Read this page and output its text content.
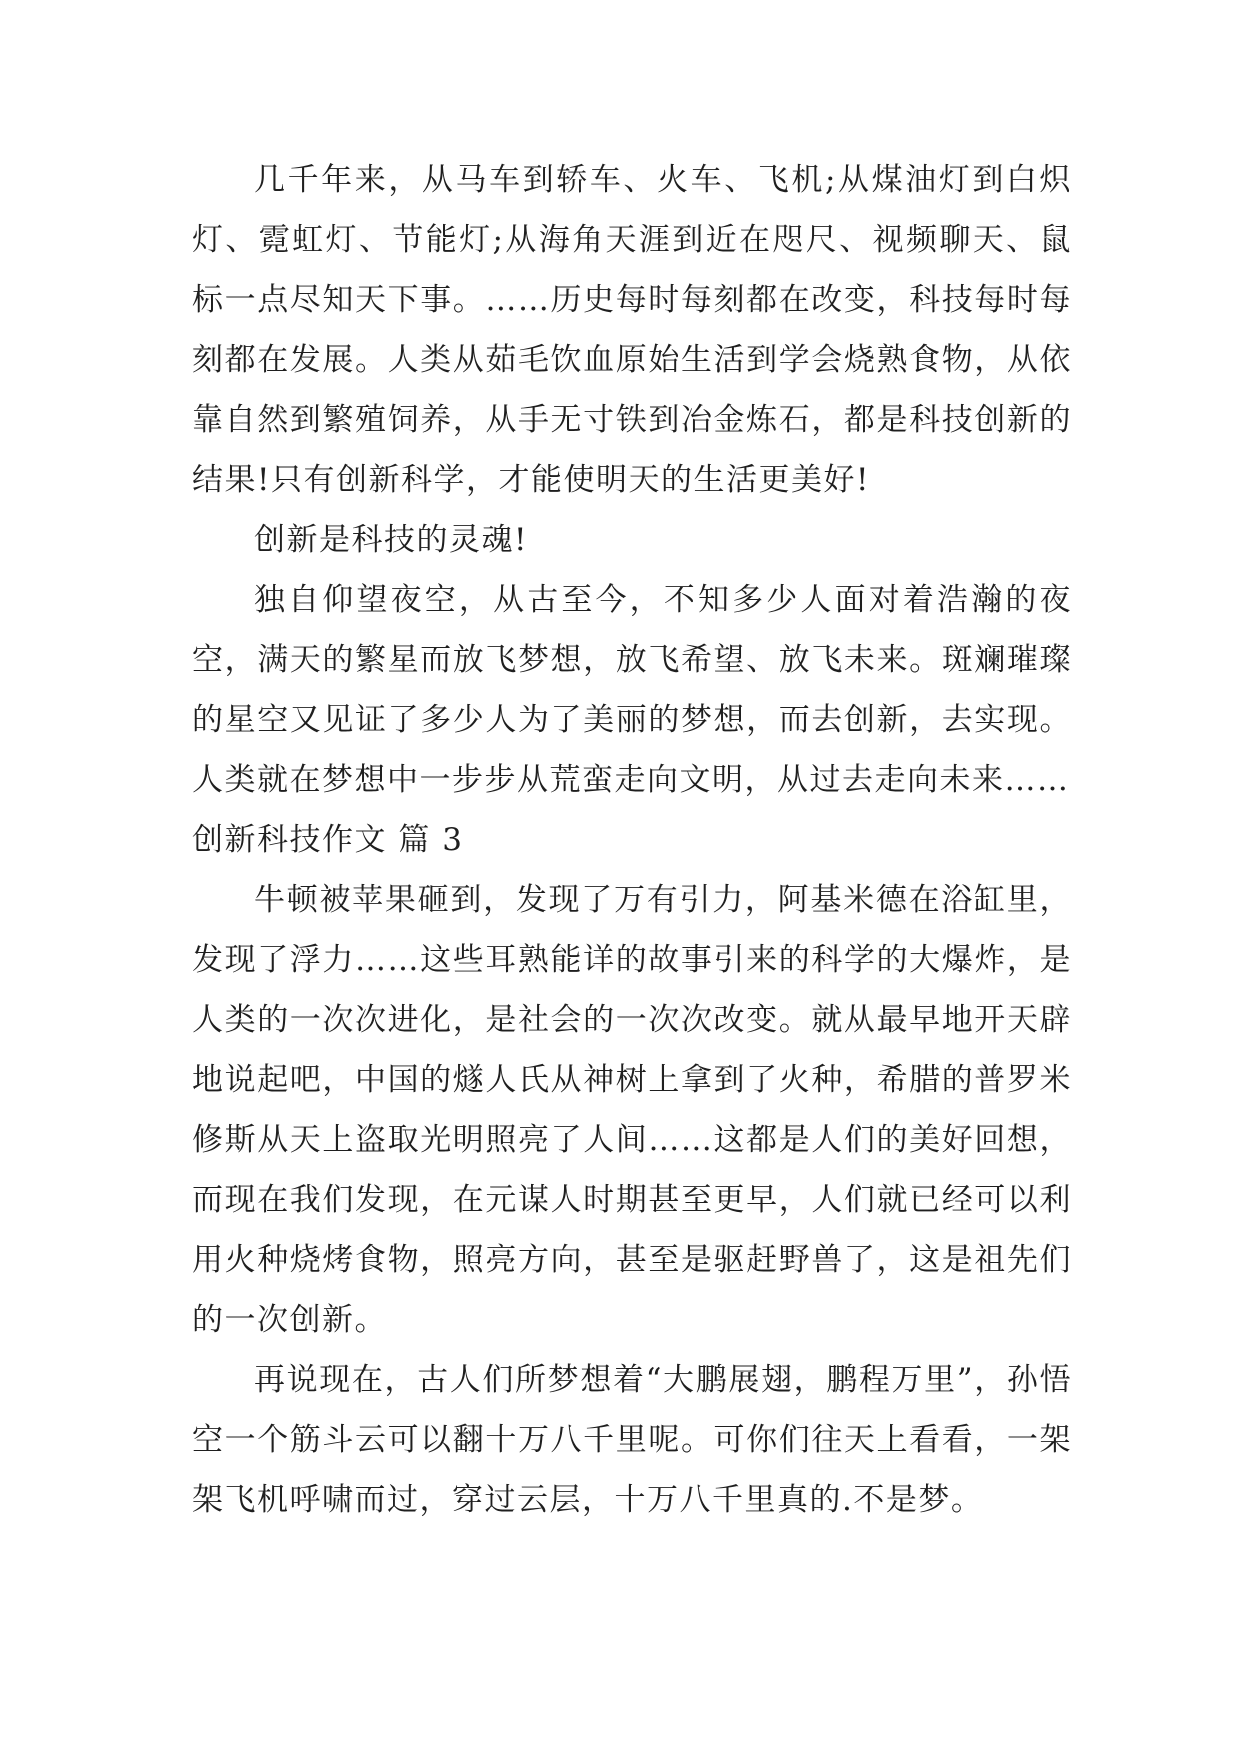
几千年来，从马车到轿车、火车、飞机;从煤油灯到白炽灯、霓虹灯、节能灯;从海角天涯到近在咫尺、视频聊天、鼠标一点尽知天下事。……历史每时每刻都在改变，科技每时每刻都在发展。人类从茹毛饮血原始生活到学会烧熟食物，从依靠自然到繁殖饲养，从手无寸铁到冶金炼石，都是科技创新的结果!只有创新科学，才能使明天的生活更美好!

创新是科技的灵魂!

独自仰望夜空，从古至今，不知多少人面对着浩瀚的夜空，满天的繁星而放飞梦想，放飞希望、放飞未来。斑斓璀璨的星空又见证了多少人为了美丽的梦想，而去创新，去实现。人类就在梦想中一步步从荒蛮走向文明，从过去走向未来……

创新科技作文 篇 3

牛顿被苹果砸到，发现了万有引力，阿基米德在浴缸里，发现了浮力……这些耳熟能详的故事引来的科学的大爆炸，是人类的一次次进化，是社会的一次次改变。就从最早地开天辟地说起吧，中国的燧人氏从神树上拿到了火种，希腊的普罗米修斯从天上盗取光明照亮了人间……这都是人们的美好回想，而现在我们发现，在元谋人时期甚至更早，人们就已经可以利用火种烧烤食物，照亮方向，甚至是驱赶野兽了，这是祖先们的一次创新。

再说现在，古人们所梦想着“大鹏展翅，鹏程万里”，孙悟空一个筋斗云可以翻十万八千里呢。可你们往天上看看，一架架飞机呼啸而过，穿过云层，十万八千里真的.不是梦。
